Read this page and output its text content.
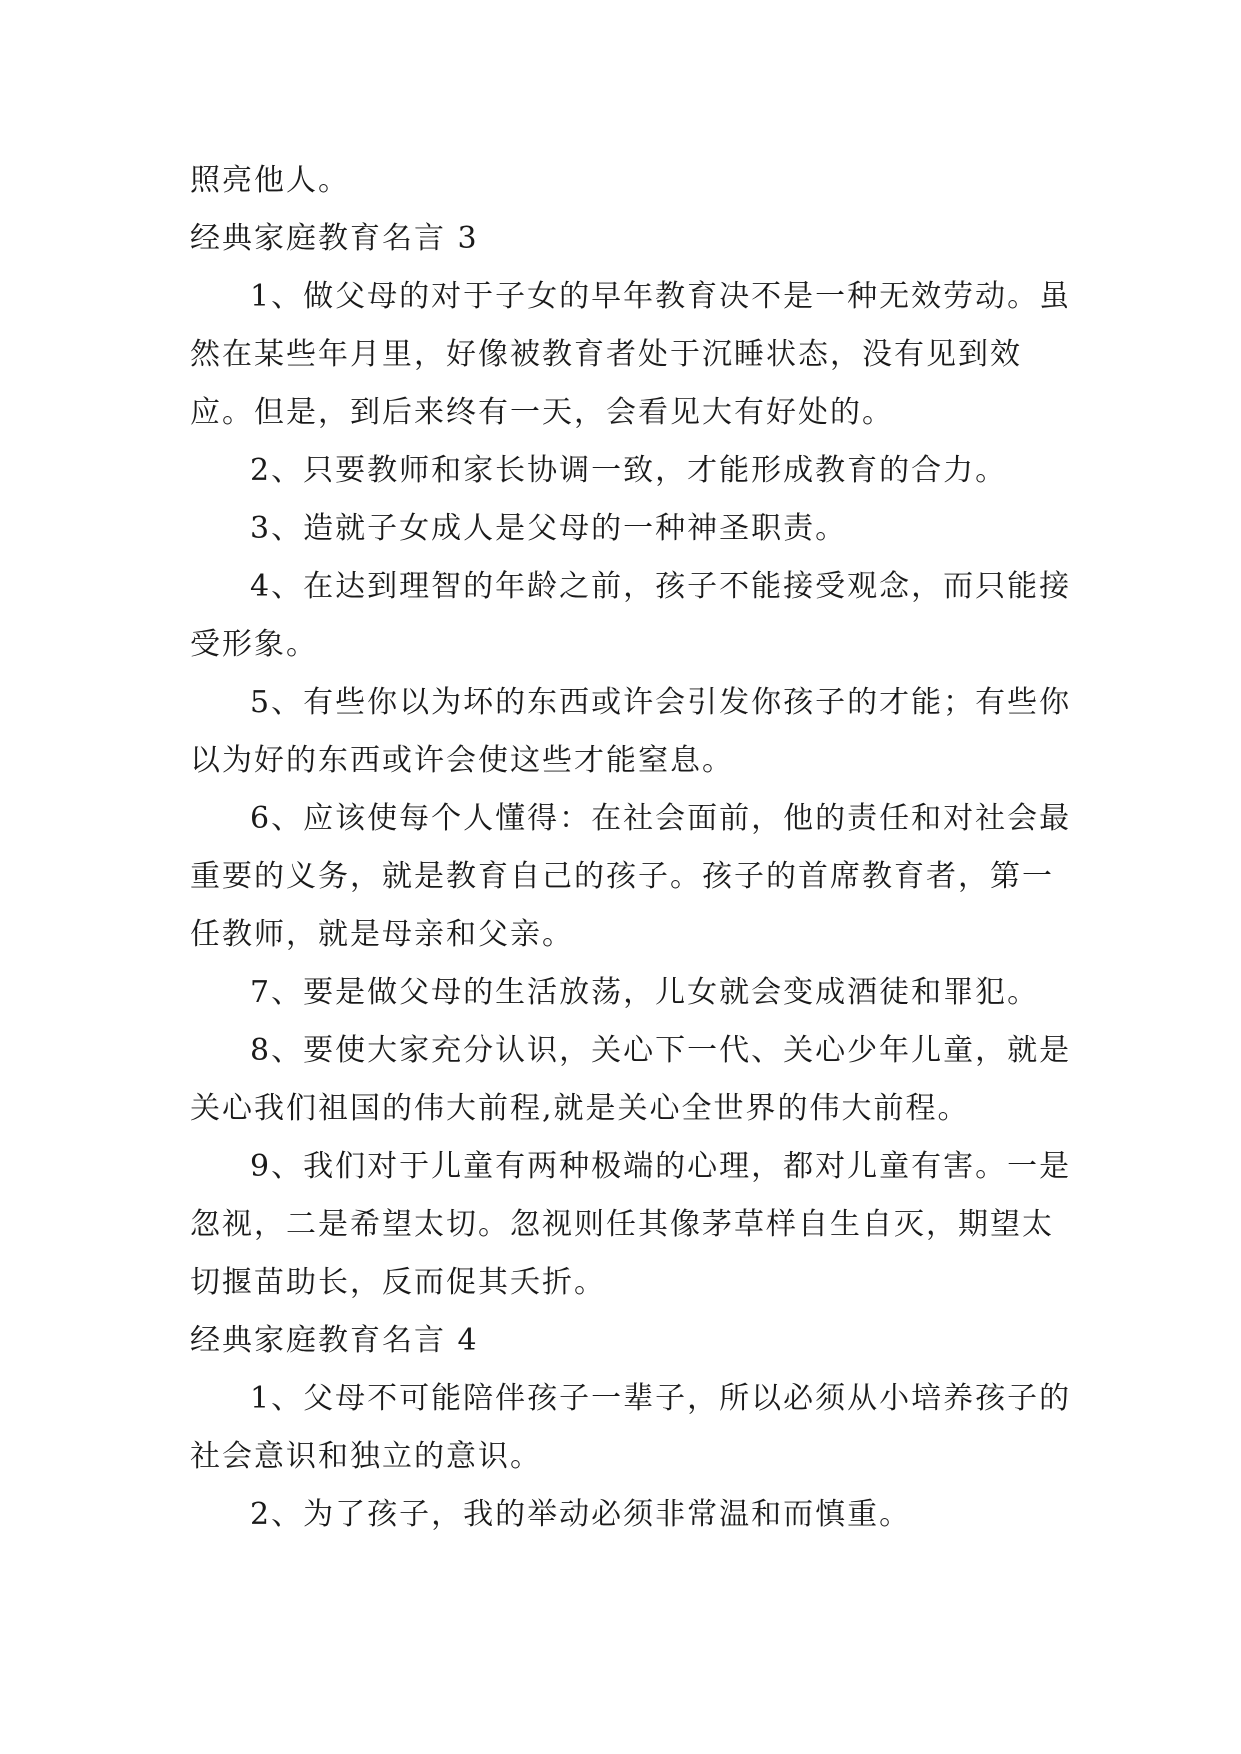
照亮他人。

经典家庭教育名言 3

1、做父母的对于子女的早年教育决不是一种无效劳动。虽然在某些年月里，好像被教育者处于沉睡状态，没有见到效应。但是，到后来终有一天，会看见大有好处的。

2、只要教师和家长协调一致，才能形成教育的合力。

3、造就子女成人是父母的一种神圣职责。

4、在达到理智的年龄之前，孩子不能接受观念，而只能接受形象。

5、有些你以为坏的东西或许会引发你孩子的才能；有些你以为好的东西或许会使这些才能窒息。

6、应该使每个人懂得：在社会面前，他的责任和对社会最重要的义务，就是教育自己的孩子。孩子的首席教育者，第一任教师，就是母亲和父亲。

7、要是做父母的生活放荡，儿女就会变成酒徒和罪犯。

8、要使大家充分认识，关心下一代、关心少年儿童，就是关心我们祖国的伟大前程,就是关心全世界的伟大前程。

9、我们对于儿童有两种极端的心理，都对儿童有害。一是忽视，二是希望太切。忽视则任其像茅草样自生自灭，期望太切揠苗助长，反而促其夭折。

经典家庭教育名言 4

1、父母不可能陪伴孩子一辈子，所以必须从小培养孩子的社会意识和独立的意识。

2、为了孩子，我的举动必须非常温和而慎重。
